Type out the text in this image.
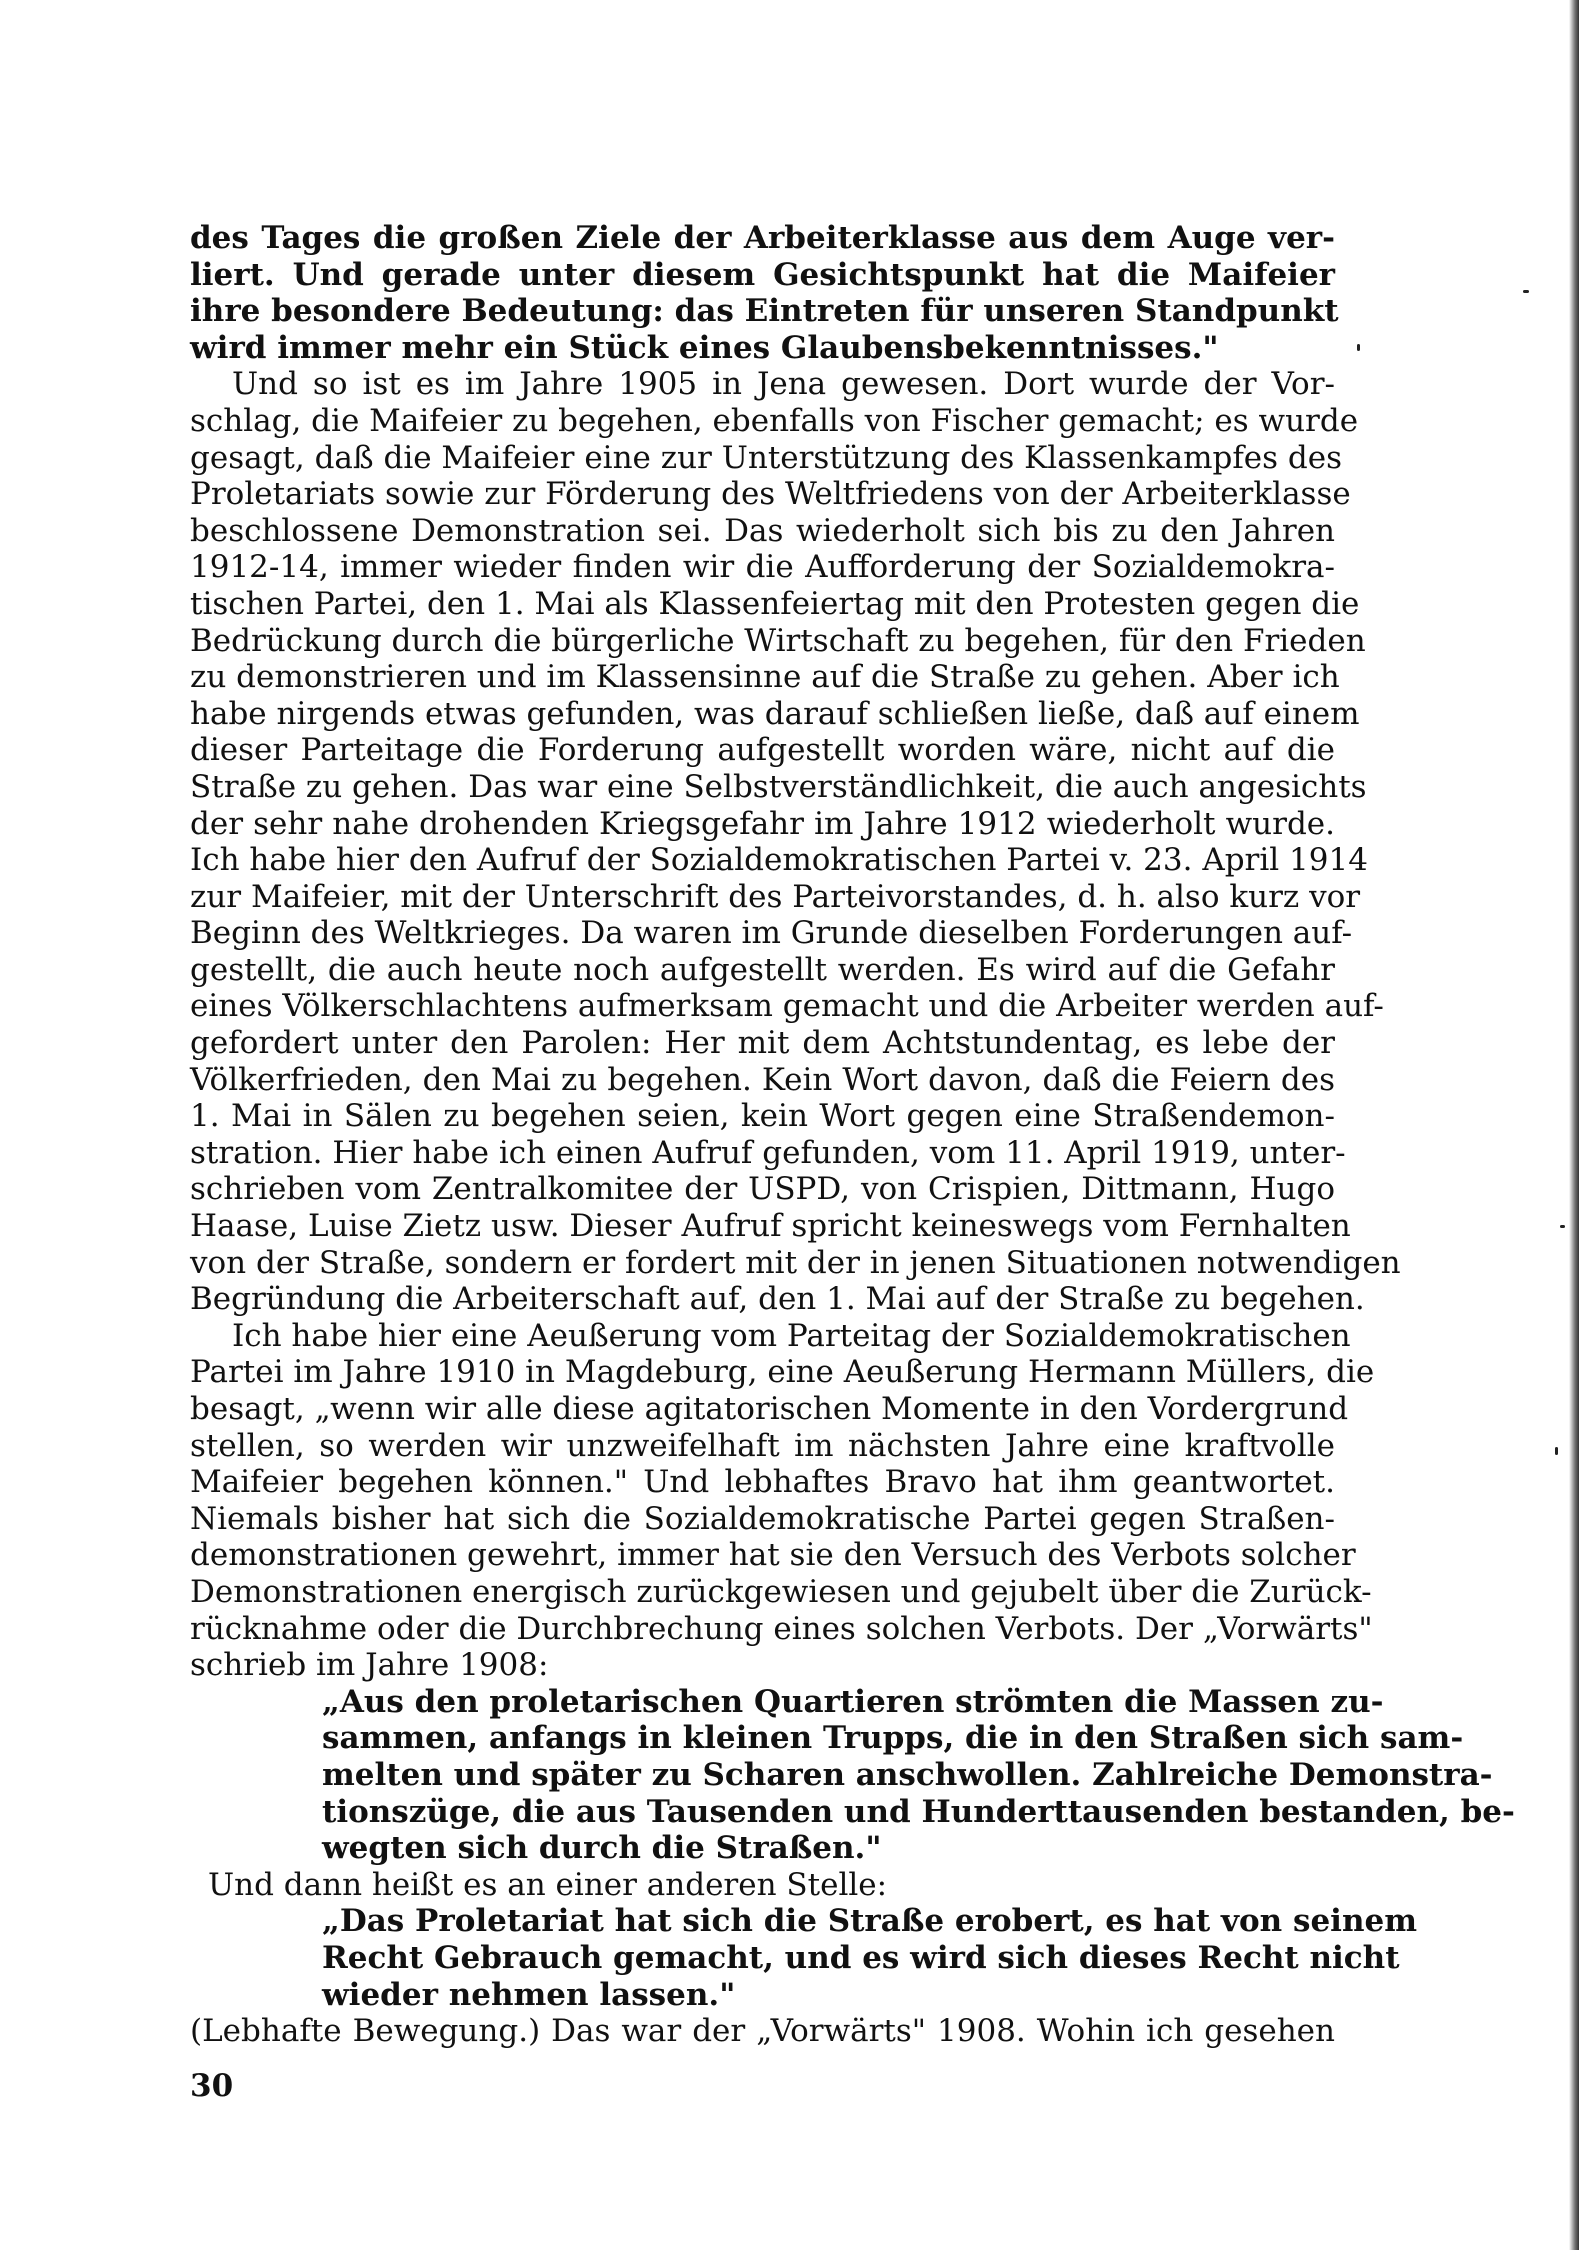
des Tages die großen Ziele der Arbeiterklasse aus dem Auge ver-
liert. Und gerade unter diesem Gesichtspunkt hat die Maifeier
ihre besondere Bedeutung: das Eintreten für unseren Standpunkt
wird immer mehr ein Stück eines Glaubensbekenntnisses."
Und so ist es im Jahre 1905 in Jena gewesen. Dort wurde der Vor-
schlag, die Maifeier zu begehen, ebenfalls von Fischer gemacht; es wurde
gesagt, daß die Maifeier eine zur Unterstützung des Klassenkampfes des
Proletariats sowie zur Förderung des Weltfriedens von der Arbeiterklasse
beschlossene Demonstration sei. Das wiederholt sich bis zu den Jahren
1912-14, immer wieder finden wir die Aufforderung der Sozialdemokra-
tischen Partei, den 1. Mai als Klassenfeiertag mit den Protesten gegen die
Bedrückung durch die bürgerliche Wirtschaft zu begehen, für den Frieden
zu demonstrieren und im Klassensinne auf die Straße zu gehen. Aber ich
habe nirgends etwas gefunden, was darauf schließen ließe, daß auf einem
dieser Parteitage die Forderung aufgestellt worden wäre, nicht auf die
Straße zu gehen. Das war eine Selbstverständlichkeit, die auch angesichts
der sehr nahe drohenden Kriegsgefahr im Jahre 1912 wiederholt wurde.
Ich habe hier den Aufruf der Sozialdemokratischen Partei v. 23. April 1914
zur Maifeier, mit der Unterschrift des Parteivorstandes, d. h. also kurz vor
Beginn des Weltkrieges. Da waren im Grunde dieselben Forderungen auf-
gestellt, die auch heute noch aufgestellt werden. Es wird auf die Gefahr
eines Völkerschlachtens aufmerksam gemacht und die Arbeiter werden auf-
gefordert unter den Parolen: Her mit dem Achtstundentag, es lebe der
Völkerfrieden, den Mai zu begehen. Kein Wort davon, daß die Feiern des
1. Mai in Sälen zu begehen seien, kein Wort gegen eine Straßendemon-
stration. Hier habe ich einen Aufruf gefunden, vom 11. April 1919, unter-
schrieben vom Zentralkomitee der USPD, von Crispien, Dittmann, Hugo
Haase, Luise Zietz usw. Dieser Aufruf spricht keineswegs vom Fernhalten
von der Straße, sondern er fordert mit der in jenen Situationen notwendigen
Begründung die Arbeiterschaft auf, den 1. Mai auf der Straße zu begehen.
Ich habe hier eine Aeußerung vom Parteitag der Sozialdemokratischen
Partei im Jahre 1910 in Magdeburg, eine Aeußerung Hermann Müllers, die
besagt, „wenn wir alle diese agitatorischen Momente in den Vordergrund
stellen, so werden wir unzweifelhaft im nächsten Jahre eine kraftvolle
Maifeier begehen können." Und lebhaftes Bravo hat ihm geantwortet.
Niemals bisher hat sich die Sozialdemokratische Partei gegen Straßen-
demonstrationen gewehrt, immer hat sie den Versuch des Verbots solcher
Demonstrationen energisch zurückgewiesen und gejubelt über die Zurück-
rücknahme oder die Durchbrechung eines solchen Verbots. Der „Vorwärts"
schrieb im Jahre 1908:
„Aus den proletarischen Quartieren strömten die Massen zu-
sammen, anfangs in kleinen Trupps, die in den Straßen sich sam-
melten und später zu Scharen anschwollen. Zahlreiche Demonstra-
tionszüge, die aus Tausenden und Hunderttausenden bestanden, be-
wegten sich durch die Straßen."
Und dann heißt es an einer anderen Stelle:
„Das Proletariat hat sich die Straße erobert, es hat von seinem
Recht Gebrauch gemacht, und es wird sich dieses Recht nicht
wieder nehmen lassen."
(Lebhafte Bewegung.) Das war der „Vorwärts" 1908. Wohin ich gesehen
30
